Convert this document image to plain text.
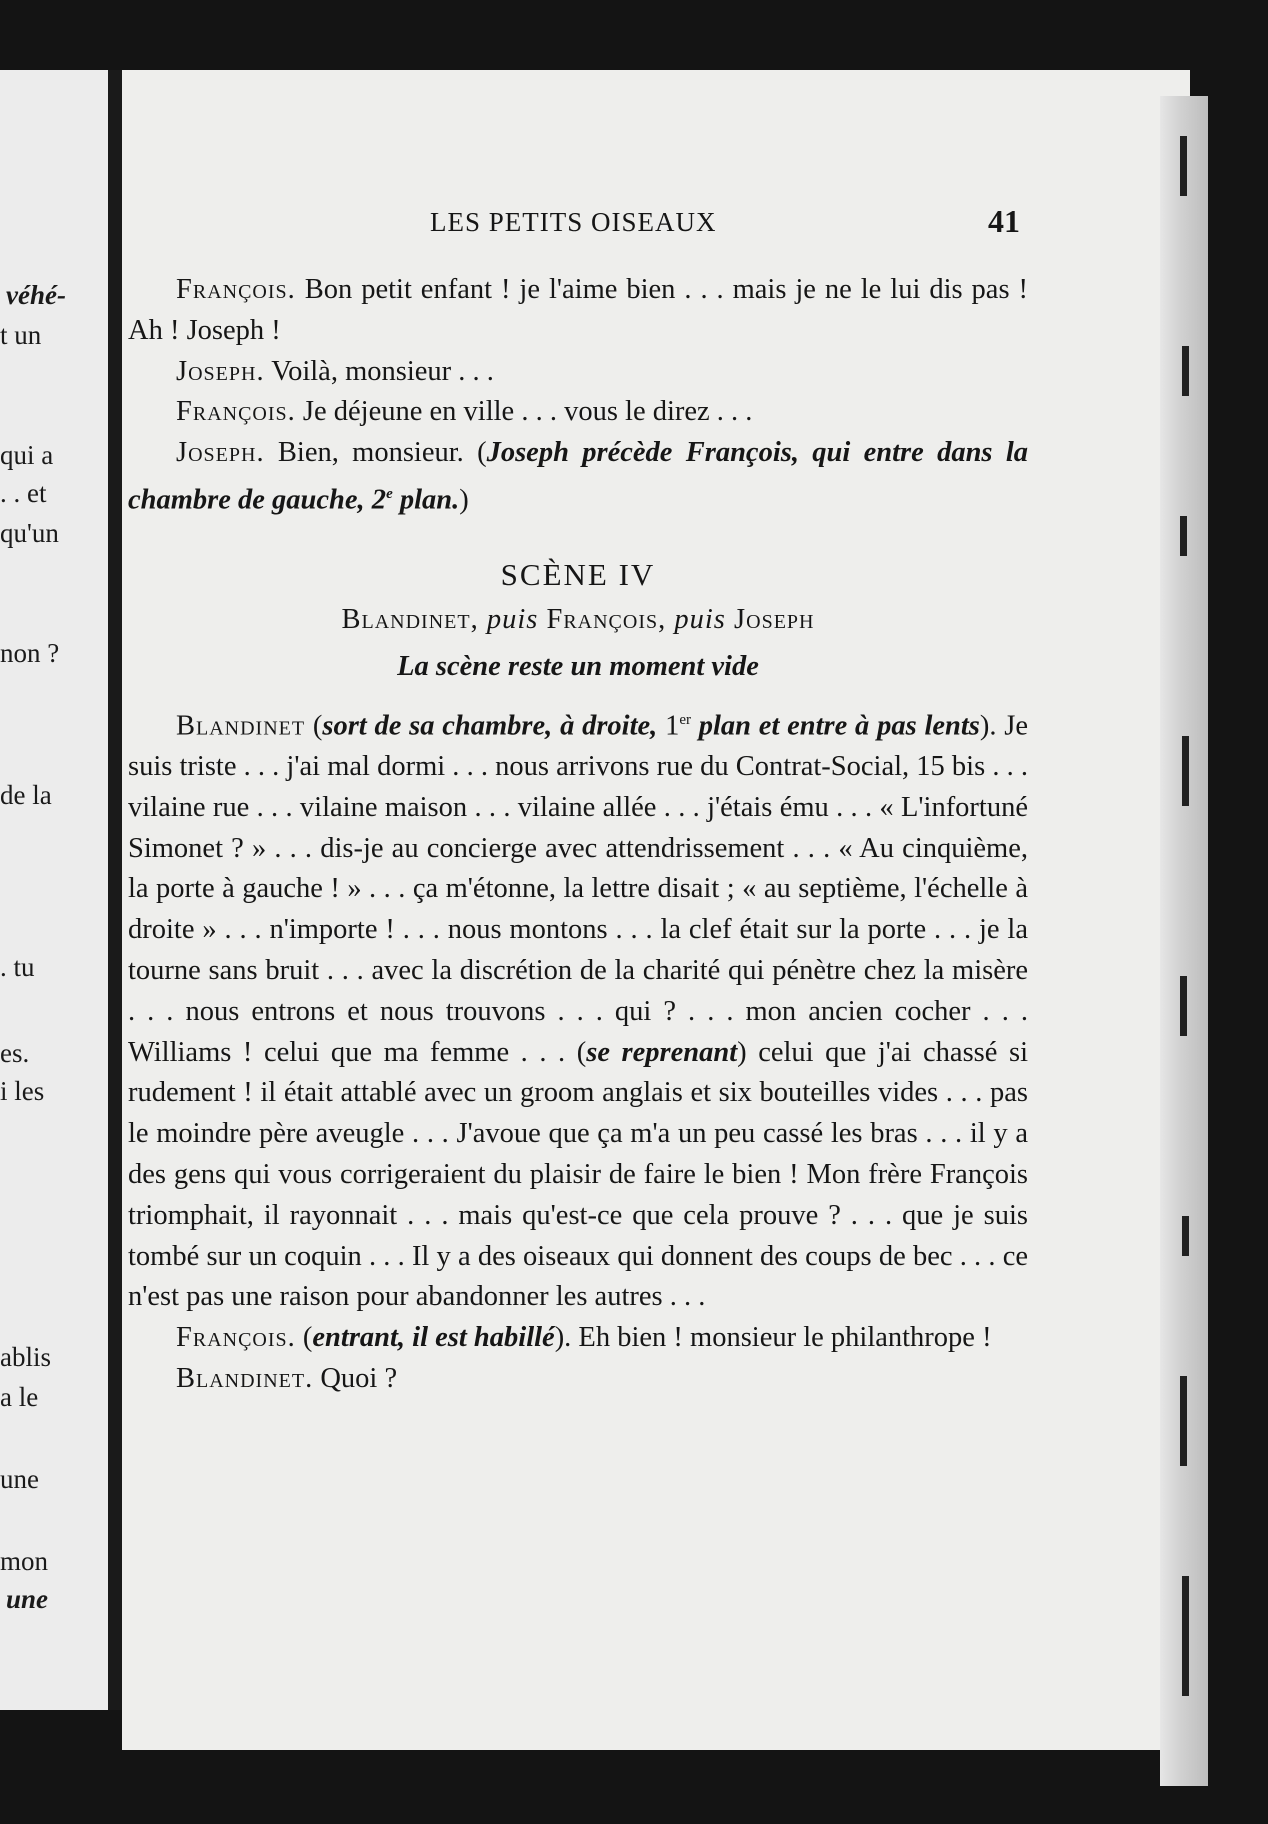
véhé-
t un
qui a
. . et
qu'un
non ?
de la
. tu
es.
i les
ablis
a le
une
mon
une
LES PETITS OISEAUX	41

François. Bon petit enfant ! je l'aime bien . . . mais je ne le lui dis pas ! Ah ! Joseph !

Joseph. Voilà, monsieur . . .

François. Je déjeune en ville . . . vous le direz . . .

Joseph. Bien, monsieur. (Joseph précède François, qui entre dans la chambre de gauche, 2e plan.)

SCÈNE IV

Blandinet, puis François, puis Joseph

La scène reste un moment vide

Blandinet (sort de sa chambre, à droite, 1er plan et entre à pas lents). Je suis triste . . . j'ai mal dormi . . . nous arrivons rue du Contrat-Social, 15 bis . . . vilaine rue . . . vilaine maison . . . vilaine allée . . . j'étais ému . . . « L'infortuné Simonet ? » . . . dis-je au concierge avec attendrissement . . . « Au cinquième, la porte à gauche ! » . . . ça m'étonne, la lettre disait ; « au septième, l'échelle à droite » . . . n'importe ! . . . nous montons . . . la clef était sur la porte . . . je la tourne sans bruit . . . avec la discrétion de la charité qui pénètre chez la misère . . . nous entrons et nous trouvons . . . qui ? . . . mon ancien cocher . . . Williams ! celui que ma femme . . . (se reprenant) celui que j'ai chassé si rudement ! il était attablé avec un groom anglais et six bouteilles vides . . . pas le moindre père aveugle . . . J'avoue que ça m'a un peu cassé les bras . . . il y a des gens qui vous corrigeraient du plaisir de faire le bien ! Mon frère François triomphait, il rayonnait . . . mais qu'est-ce que cela prouve ? . . . que je suis tombé sur un coquin . . . Il y a des oiseaux qui donnent des coups de bec . . . ce n'est pas une raison pour abandonner les autres . . .

François. (entrant, il est habillé). Eh bien ! monsieur le philanthrope !

Blandinet. Quoi ?
